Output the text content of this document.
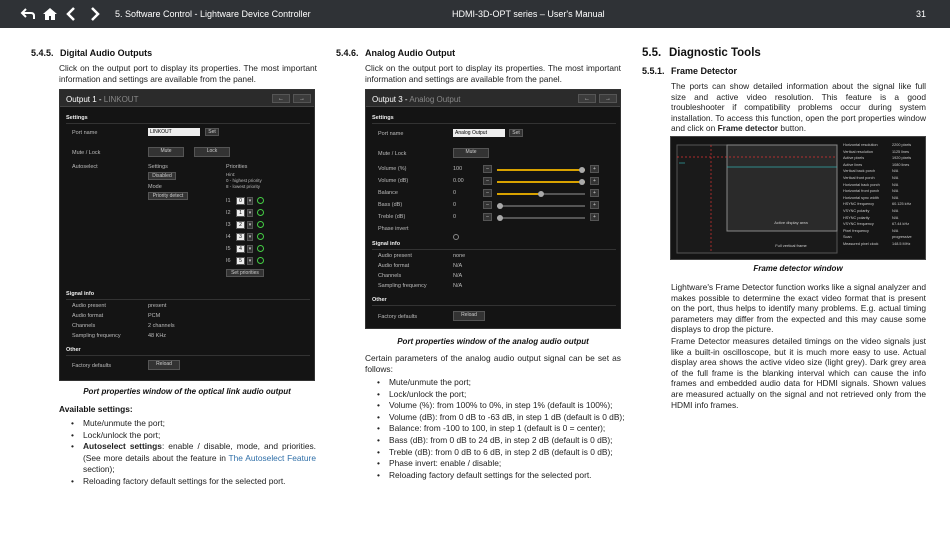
5. Software Control - Lightware Device Controller	HDMI-3D-OPT series – User's Manual	31
5.4.5. Digital Audio Outputs
Click on the output port to display its properties. The most important information and settings are available from the panel.
Output 1 - LINKOUT	←	→
Settings
Port name
LINKOUT	Set
Mute / Lock	Mute	Lock
Autoselect	Settings
Disabled
Mode
Priority detect
Priorities
Hint:
0 - highest priority
8 - lowest priority
I1	0	▾
I2	1	▾
I3	2	▾
I4	3	▾
I5	4	▾
I6	5	▾
Set priorities
Signal info
Audio present	present
Audio format	PCM
Channels	2 channels
Sampling frequency	48 KHz
Other
Factory defaults	Reload
Port properties window of the optical link audio output
Available settings:
• Mute/unmute the port;
• Lock/unlock the port;
• Autoselect settings: enable / disable, mode, and priorities. (See more details about the feature in The Autoselect Feature section);
• Reloading factory default settings for the selected port.
5.4.6. Analog Audio Output
Click on the output port to display its properties. The most important information and settings are available from the panel.
Output 3 - Analog Output	←	→
Settings
Port name
Analog Output	Set
Mute / Lock	Mute
Volume (%)	100	–	+
Volume (dB)	0.00	–	+
Balance	0	–	+
Bass (dB)	0	–	+
Treble (dB)	0	–	+
Phase invert
Signal info
Audio present	none
Audio format	N/A
Channels	N/A
Sampling frequency	N/A
Other
Factory defaults	Reload
Port properties window of the analog audio output
Certain parameters of the analog audio output signal can be set as follows:
• Mute/unmute the port;
• Lock/unlock the port;
• Volume (%): from 100% to 0%, in step 1% (default is 100%);
• Volume (dB): from 0 dB to -63 dB, in step 1 dB (default is 0 dB);
• Balance: from -100 to 100, in step 1 (default is 0 = center);
• Bass (dB): from 0 dB to 24 dB, in step 2 dB (default is 0 dB);
• Treble (dB): from 0 dB to 6 dB, in step 2 dB (default is 0 dB);
• Phase invert: enable / disable;
• Reloading factory default settings for the selected port.
5.5. Diagnostic Tools
5.5.1. Frame Detector
The ports can show detailed information about the signal like full size and active video resolution. This feature is a good troubleshooter if compatibility problems occur during system installation. To access this function, open the port properties window and click on Frame detector button.
Active display area
Full vertical frame
Horizontal resolution	2200 pixels
Vertical resolution	1125 lines
Active pixels	1920 pixels
Active lines	1080 lines
Vertical back porch	N/A
Vertical front porch	N/A
Horizontal back porch	N/A
Horizontal front porch	N/A
Horizontal sync width	N/A
HSYNC frequency	60.125 kHz
VSYNC polarity	N/A
HSYNC polarity	N/A
VSYNC frequency	67.44 kHz
Pixel frequency	N/A
Scan	progressive
Measured pixel clock	148.5 MHz
Frame detector window
Lightware's Frame Detector function works like a signal analyzer and makes possible to determine the exact video format that is present on the port, thus helps to identify many problems. E.g. actual timing parameters may differ from the expected and this may cause some displays to drop the picture.
Frame Detector measures detailed timings on the video signals just like a built-in oscilloscope, but it is much more easy to use. Actual display area shows the active video size (light grey). Dark grey area of the full frame is the blanking interval which can cause the info frames and embedded audio data for HDMI signals. Shown values are measured actually on the signal and not retrieved only from the HDMI info frames.
